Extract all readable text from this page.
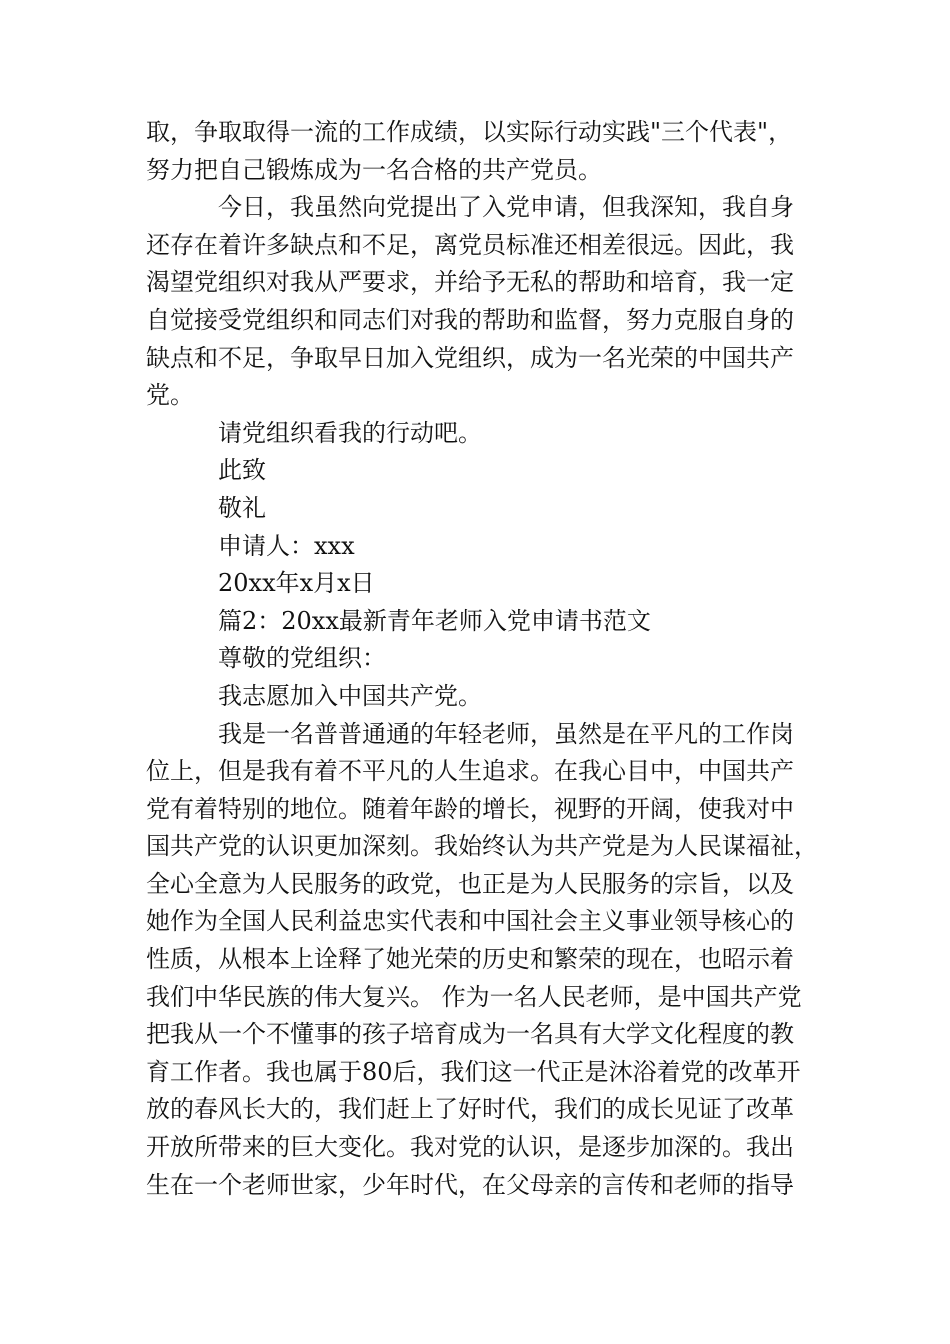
取，争取取得一流的工作成绩，以实际行动实践"三个代表"，
努力把自己锻炼成为一名合格的共产党员。
今日，我虽然向党提出了入党申请，但我深知，我自身
还存在着许多缺点和不足，离党员标准还相差很远。因此，我
渴望党组织对我从严要求，并给予无私的帮助和培育，我一定
自觉接受党组织和同志们对我的帮助和监督，努力克服自身的
缺点和不足，争取早日加入党组织，成为一名光荣的中国共产
党。
请党组织看我的行动吧。
此致
敬礼
申请人：xxx
20xx年x月x日
篇2：20xx最新青年老师入党申请书范文
尊敬的党组织：
我志愿加入中国共产党。
我是一名普普通通的年轻老师，虽然是在平凡的工作岗
位上，但是我有着不平凡的人生追求。在我心目中，中国共产
党有着特别的地位。随着年龄的增长，视野的开阔，使我对中
国共产党的认识更加深刻。我始终认为共产党是为人民谋福祉，
全心全意为人民服务的政党，也正是为人民服务的宗旨，以及
她作为全国人民利益忠实代表和中国社会主义事业领导核心的
性质，从根本上诠释了她光荣的历史和繁荣的现在，也昭示着
我们中华民族的伟大复兴。 作为一名人民老师，是中国共产党
把我从一个不懂事的孩子培育成为一名具有大学文化程度的教
育工作者。我也属于80后，我们这一代正是沐浴着党的改革开
放的春风长大的，我们赶上了好时代，我们的成长见证了改革
开放所带来的巨大变化。我对党的认识，是逐步加深的。我出
生在一个老师世家，少年时代，在父母亲的言传和老师的指导
